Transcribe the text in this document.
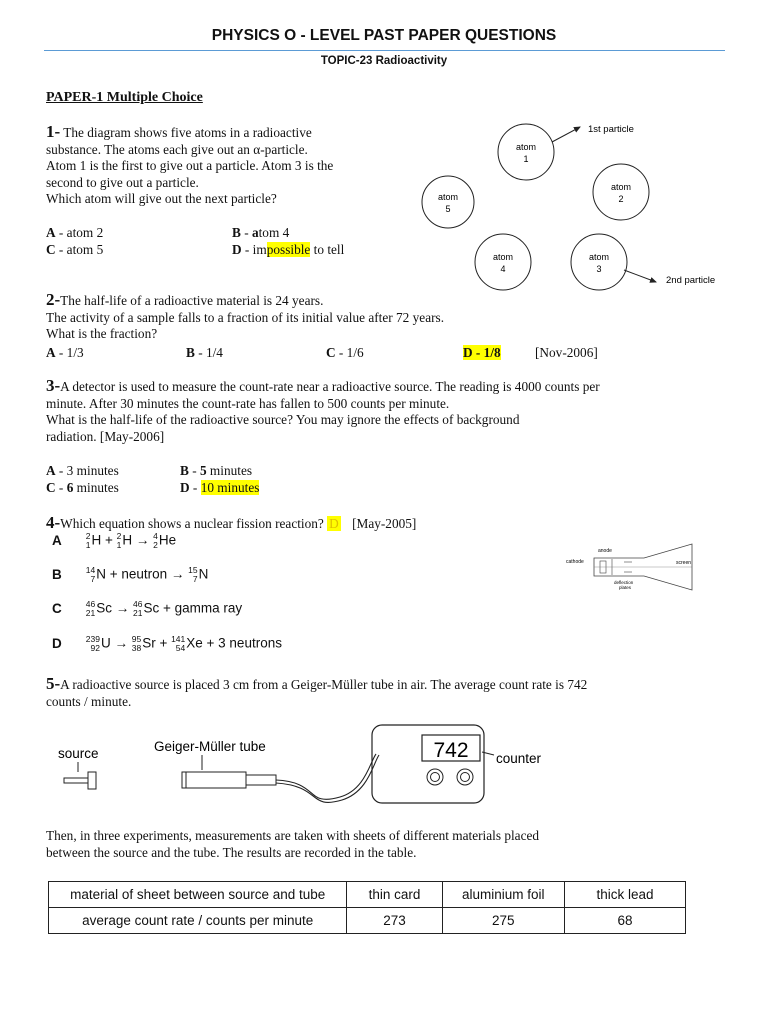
PHYSICS O - LEVEL PAST PAPER QUESTIONS
TOPIC-23 Radioactivity
PAPER-1 Multiple Choice
1- The diagram shows five atoms in a radioactive
substance. The atoms each give out an α-particle.
Atom 1 is the first to give out a particle. Atom 3 is the
second to give out a particle.
Which atom will give out the next particle?
A - atom 2	B - atom 4
C - atom 5	D - impossible to tell
atom
1
1st particle
atom
2
atom
5
atom
4
atom
3
2nd particle
2-The half-life of a radioactive material is 24 years.
The activity of a sample falls to a fraction of its initial value after 72 years.
What is the fraction?
A - 1/3	B - 1/4	C - 1/6	D - 1/8	[Nov-2006]
3-A detector is used to measure the count-rate near a radioactive source. The reading is 4000 counts per
minute. After 30 minutes the count-rate has fallen to 500 counts per minute.
What is the half-life of the radioactive source? You may ignore the effects of background
radiation. [May-2006]
A - 3 minutes	B - 5 minutes
C - 6 minutes	D - 10 minutes
4-Which equation shows a nuclear fission reaction? D [May-2005]
A	2
1 H + 2
1 H → 4
2 He
B	14
7 N + neutron → 15
7 N
C	46
21 Sc → 46
21 Sc + gamma ray
D	239
92 U → 95
38 Sr + 141
54 Xe + 3 neutrons
cathode
anode
screen
deflection
plates
5-A radioactive source is placed 3 cm from a Geiger-Müller tube in air. The average count rate is 742
counts / minute.
source	Geiger-Müller tube	742 counter
Then, in three experiments, measurements are taken with sheets of different materials placed
between the source and the tube. The results are recorded in the table.
material of sheet between source and tube	thin card	aluminium foil	thick lead
average count rate / counts per minute	273	275	68
